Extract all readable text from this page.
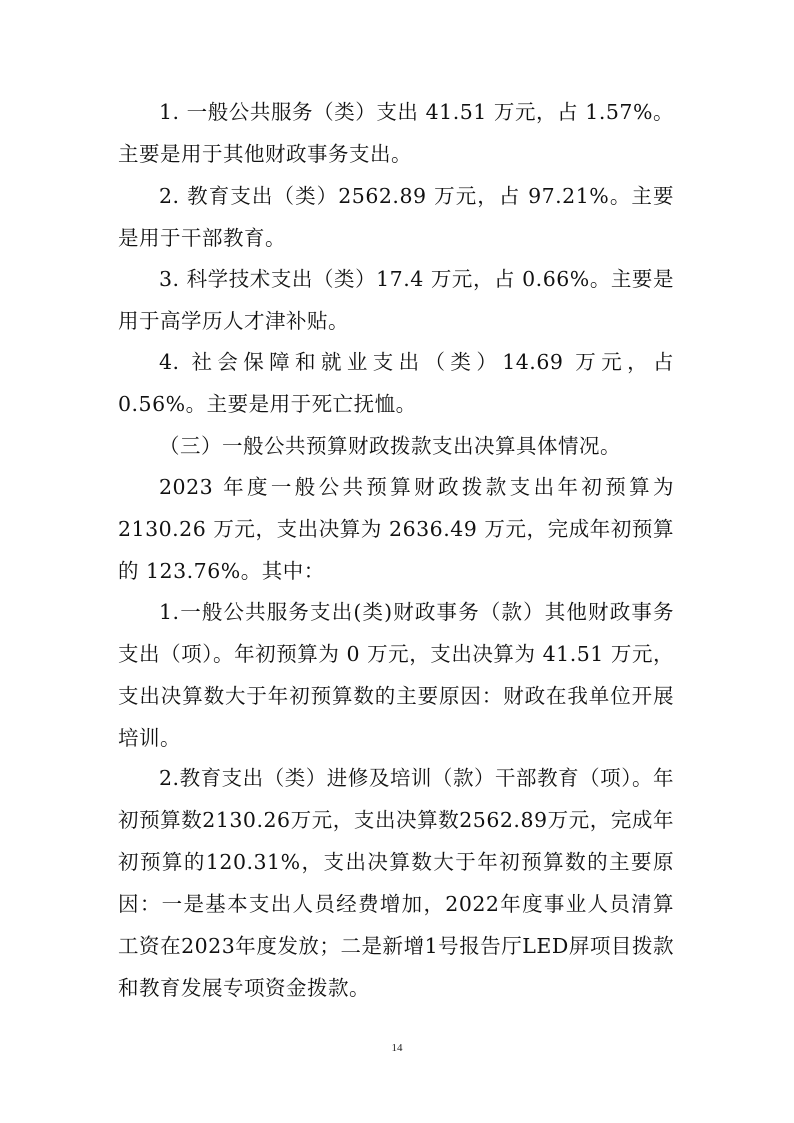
1. 一般公共服务（类）支出 41.51 万元，占 1.57%。主要是用于其他财政事务支出。

2. 教育支出（类）2562.89 万元，占 97.21%。主要是用于干部教育。

3. 科学技术支出（类）17.4 万元，占 0.66%。主要是用于高学历人才津补贴。

4. 社会保障和就业支出（类）14.69 万元，占 0.56%。主要是用于死亡抚恤。

（三）一般公共预算财政拨款支出决算具体情况。

2023 年度一般公共预算财政拨款支出年初预算为 2130.26 万元，支出决算为 2636.49 万元，完成年初预算的 123.76%。其中：

1.一般公共服务支出(类)财政事务（款）其他财政事务支出（项）。年初预算为 0 万元，支出决算为 41.51 万元，支出决算数大于年初预算数的主要原因：财政在我单位开展培训。

2.教育支出（类）进修及培训（款）干部教育（项）。年初预算数2130.26万元，支出决算数2562.89万元，完成年初预算的120.31%，支出决算数大于年初预算数的主要原因：一是基本支出人员经费增加，2022年度事业人员清算工资在2023年度发放；二是新增1号报告厅LED屏项目拨款和教育发展专项资金拨款。

14
